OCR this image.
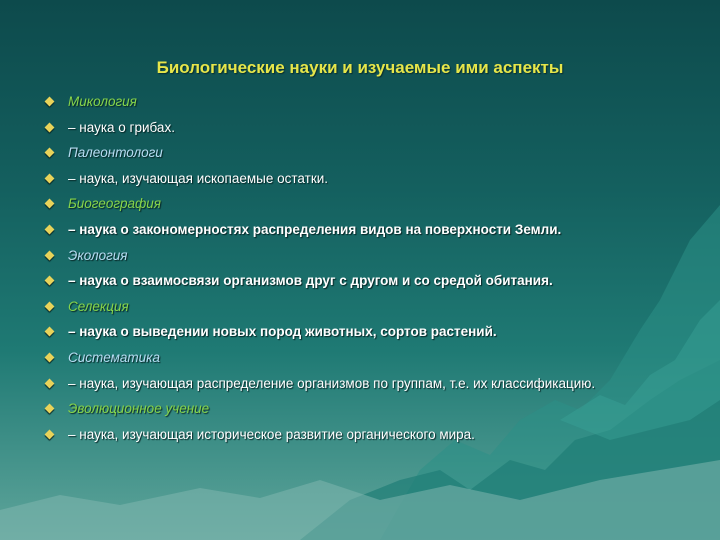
Биологические науки и изучаемые ими аспекты
Микология
– наука о грибах.
Палеонтологи
– наука, изучающая ископаемые остатки.
Биогеография
– наука о закономерностях распределения видов на поверхности Земли.
Экология
– наука о взаимосвязи организмов друг с другом и со средой обитания.
Селекция
– наука о выведении новых пород животных, сортов растений.
Систематика
– наука, изучающая распределение организмов по группам, т.е. их классификацию.
Эволюционное учение
– наука, изучающая историческое развитие органического мира.
